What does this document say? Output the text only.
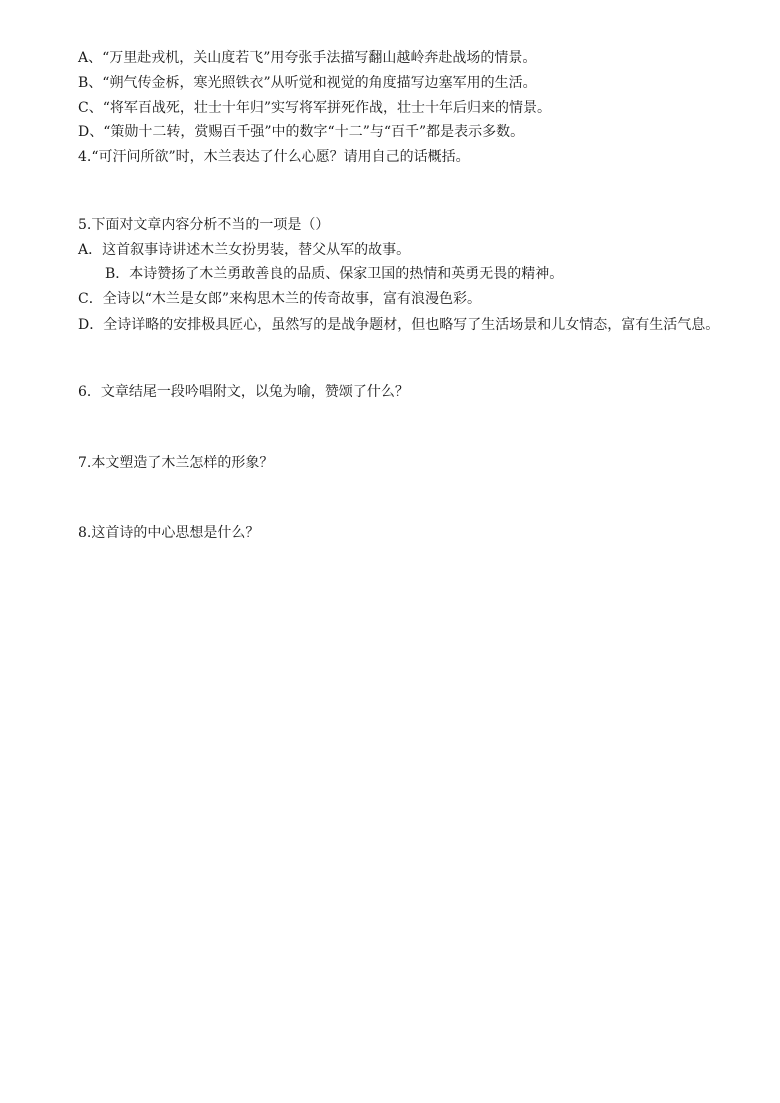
A、“万里赴戎机，关山度若飞”用夸张手法描写翻山越岭奔赴战场的情景。
B、“朔气传金柝，寒光照铁衣”从听觉和视觉的角度描写边塞军用的生活。
C、“将军百战死，壮士十年归”实写将军拼死作战，壮士十年后归来的情景。
D、“策勋十二转，赏赐百千强”中的数字“十二”与“百千”都是表示多数。
4.“可汗问所欲”时，木兰表达了什么心愿？请用自己的话概括。
5.下面对文章内容分析不当的一项是（）
A．这首叙事诗讲述木兰女扮男装，替父从军的故事。
B．本诗赞扬了木兰勇敢善良的品质、保家卫国的热情和英勇无畏的精神。
C．全诗以“木兰是女郎”来构思木兰的传奇故事，富有浪漫色彩。
D．全诗详略的安排极具匠心，虽然写的是战争题材，但也略写了生活场景和儿女情态，富有生活气息。
6．文章结尾一段吟唱附文，以兔为喻，赞颂了什么？
7.本文塑造了木兰怎样的形象？
8.这首诗的中心思想是什么？
